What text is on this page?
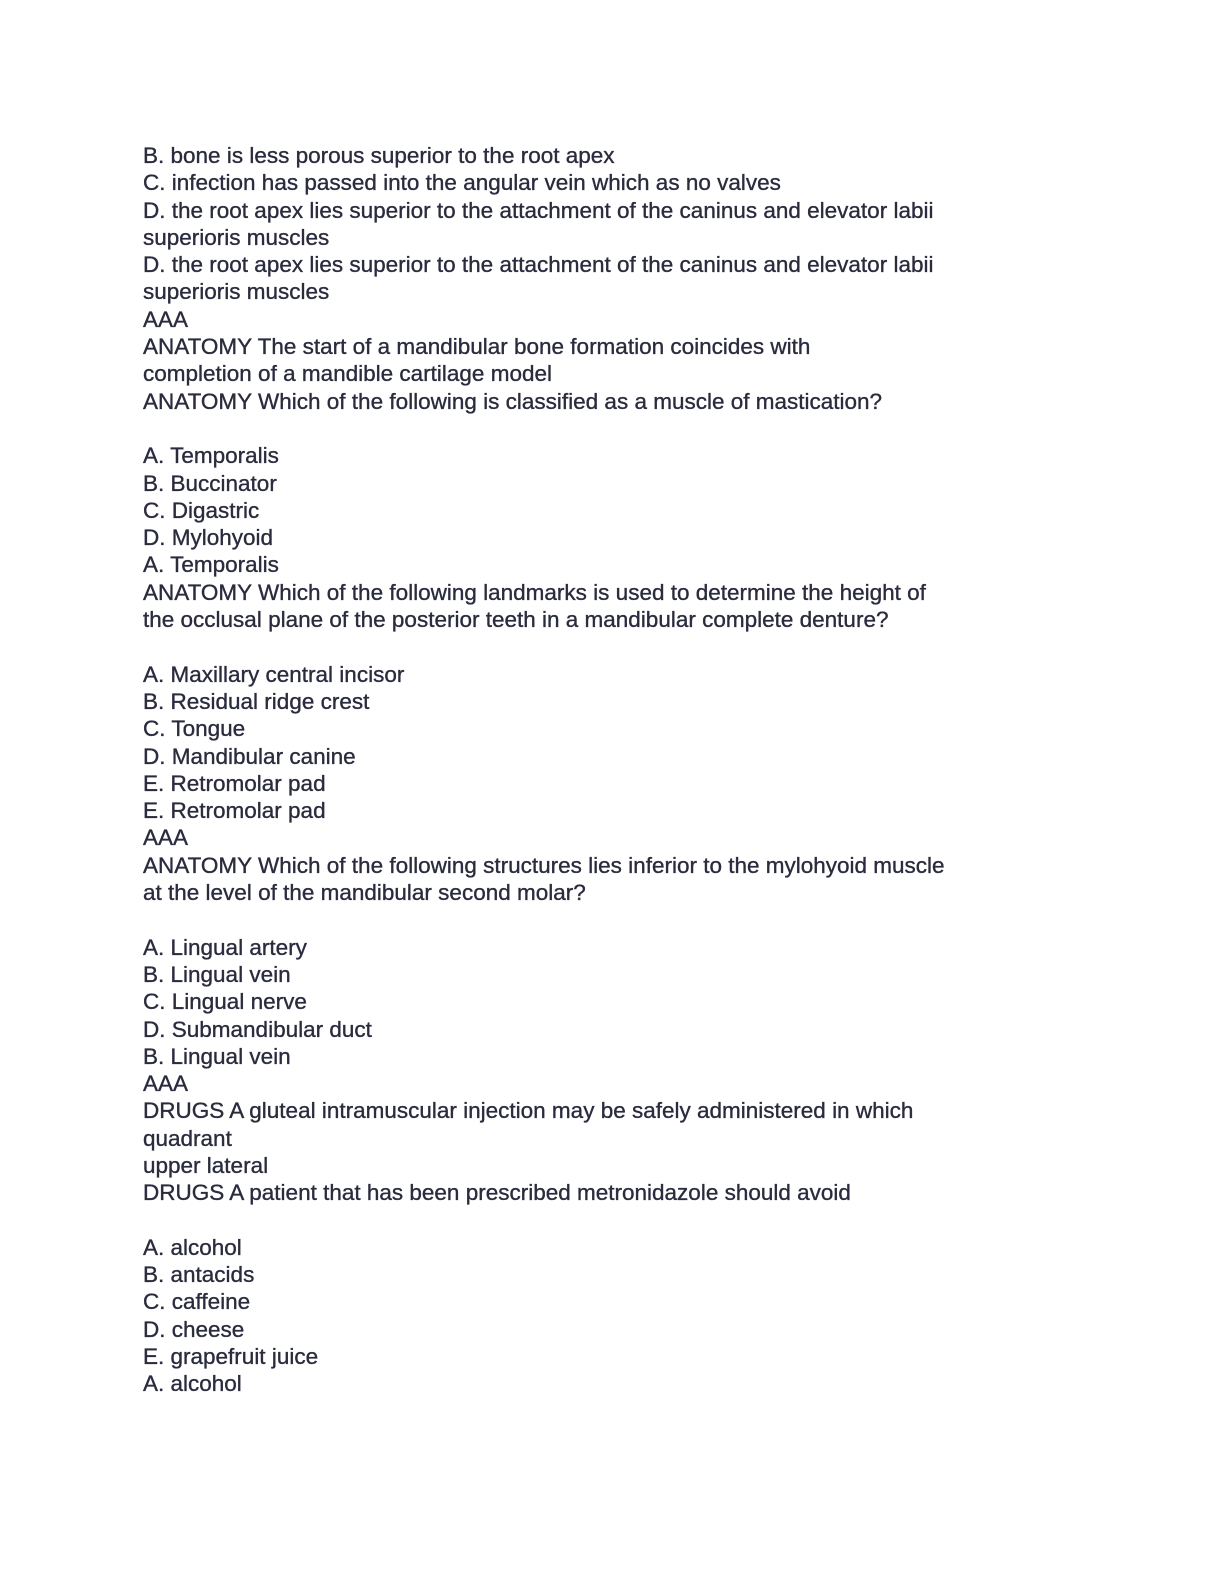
B. bone is less porous superior to the root apex
C. infection has passed into the angular vein which as no valves
D. the root apex lies superior to the attachment of the caninus and elevator labii
superioris muscles
D. the root apex lies superior to the attachment of the caninus and elevator labii
superioris muscles
AAA
ANATOMY The start of a mandibular bone formation coincides with
completion of a mandible cartilage model
ANATOMY Which of the following is classified as a muscle of mastication?
A. Temporalis
B. Buccinator
C. Digastric
D. Mylohyoid
A. Temporalis
ANATOMY Which of the following landmarks is used to determine the height of
the occlusal plane of the posterior teeth in a mandibular complete denture?
A. Maxillary central incisor
B. Residual ridge crest
C. Tongue
D. Mandibular canine
E. Retromolar pad
E. Retromolar pad
AAA
ANATOMY Which of the following structures lies inferior to the mylohyoid muscle
at the level of the mandibular second molar?
A. Lingual artery
B. Lingual vein
C. Lingual nerve
D. Submandibular duct
B. Lingual vein
AAA
DRUGS A gluteal intramuscular injection may be safely administered in which
quadrant
upper lateral
DRUGS A patient that has been prescribed metronidazole should avoid
A. alcohol
B. antacids
C. caffeine
D. cheese
E. grapefruit juice
A. alcohol
